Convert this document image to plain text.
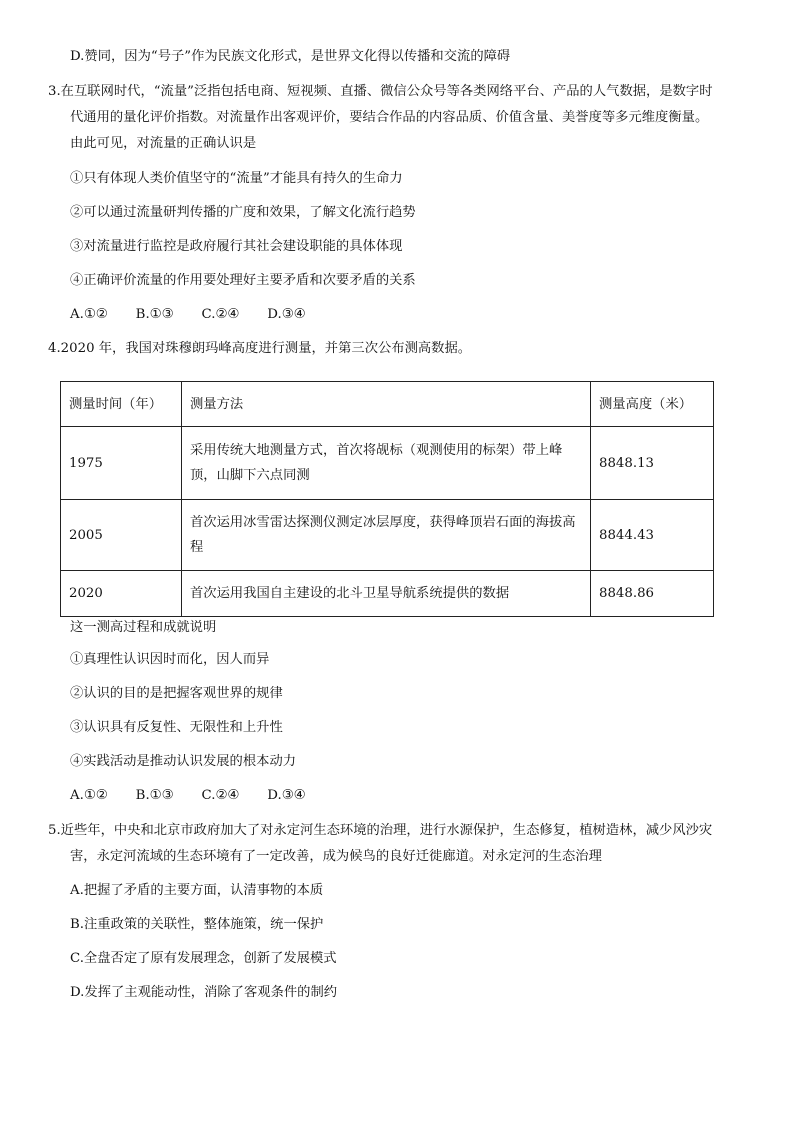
D.赞同，因为“号子”作为民族文化形式，是世界文化得以传播和交流的障碍
3.在互联网时代，“流量”泛指包括电商、短视频、直播、微信公众号等各类网络平台、产品的人气数据，是数字时
代通用的量化评价指数。对流量作出客观评价，要结合作品的内容品质、价值含量、美誉度等多元维度衡量。
由此可见，对流量的正确认识是
①只有体现人类价值坚守的“流量”才能具有持久的生命力
②可以通过流量研判传播的广度和效果，了解文化流行趋势
③对流量进行监控是政府履行其社会建设职能的具体体现
④正确评价流量的作用要处理好主要矛盾和次要矛盾的关系
A.①② B.①③ C.②④ D.③④
4.2020 年，我国对珠穆朗玛峰高度进行测量，并第三次公布测高数据。
测量时间（年）	测量方法	测量高度（米）
1975	采用传统大地测量方式，首次将觇标（观测使用的标架）带上峰顶，山脚下六点同测	8848.13
2005	首次运用冰雪雷达探测仪测定冰层厚度，获得峰顶岩石面的海拔高程	8844.43
2020	首次运用我国自主建设的北斗卫星导航系统提供的数据	8848.86
这一测高过程和成就说明
①真理性认识因时而化，因人而异
②认识的目的是把握客观世界的规律
③认识具有反复性、无限性和上升性
④实践活动是推动认识发展的根本动力
A.①② B.①③ C.②④ D.③④
5.近些年，中央和北京市政府加大了对永定河生态环境的治理，进行水源保护，生态修复，植树造林，减少风沙灾
害，永定河流域的生态环境有了一定改善，成为候鸟的良好迁徙廊道。对永定河的生态治理
A.把握了矛盾的主要方面，认清事物的本质
B.注重政策的关联性，整体施策，统一保护
C.全盘否定了原有发展理念，创新了发展模式
D.发挥了主观能动性，消除了客观条件的制约
